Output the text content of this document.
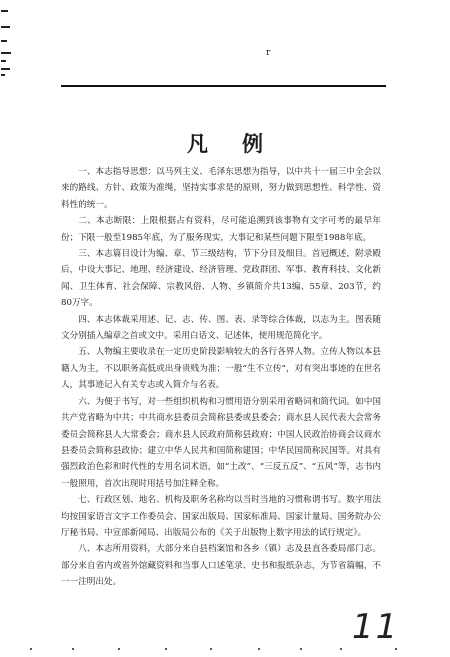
r
凡 例

一、本志指导思想：以马列主义、毛泽东思想为指导，以中共十一届三中全会以来的路线、方针、政策为准绳，坚持实事求是的原则，努力做到思想性、科学性、资料性的统一。

二、本志断限：上限根据占有资料，尽可能追溯到该事物有文字可考的最早年份；下限一般至1985年底，为了服务现实，大事记和某些问题下限至1988年底。

三、本志篇目设计为编、章、节三级结构，节下分目及细目。首冠概述，附录殿后，中设大事记、地理、经济建设、经济管理、党政群团、军事、教育科技、文化新闻、卫生体育、社会保障、宗教风俗、人物、乡镇简介共13编、55章、203节，约80万字。

四、本志体裁采用述、记、志、传、图、表、录等综合体裁，以志为主。图表随文分别插入编章之首或文中。采用白话文、记述体，使用规范简化字。

五、人物编主要收录在一定历史阶段影响较大的各行各界人物。立传人物以本县籍人为主，不以职务高低或出身贵贱为准；一般“生不立传”，对有突出事迹的在世名人，其事迹记入有关专志或入简介与名表。

六、为便于书写，对一些组织机构和习惯用语分别采用省略词和简代词。如中国共产党省略为中共；中共商水县委员会简称县委或县委会；商水县人民代表大会常务委员会简称县人大常委会；商水县人民政府简称县政府；中国人民政治协商会议商水县委员会简称县政协；建立中华人民共和国简称建国；中华民国简称民国等。对具有强烈政治色彩和时代性的专用名词术语，如“土改”、“三反五反”、“五风”等，志书内一般照用，首次出现时用括号加注释全称。

七、行政区划、地名、机构及职务名称均以当时当地的习惯称谓书写。数字用法均按国家语言文字工作委员会、国家出版局、国家标准局、国家计量局、国务院办公厅秘书局、中宣部新闻局、出版局公布的《关于出版物上数字用法的试行规定》。

八、本志所用资料，大部分来自县档案馆和各乡（镇）志及县直各委局部门志。部分来自省内或省外馆藏资料和当事人口述笔录、史书和报纸杂志，为节省篇幅，不一一注明出处。

11
